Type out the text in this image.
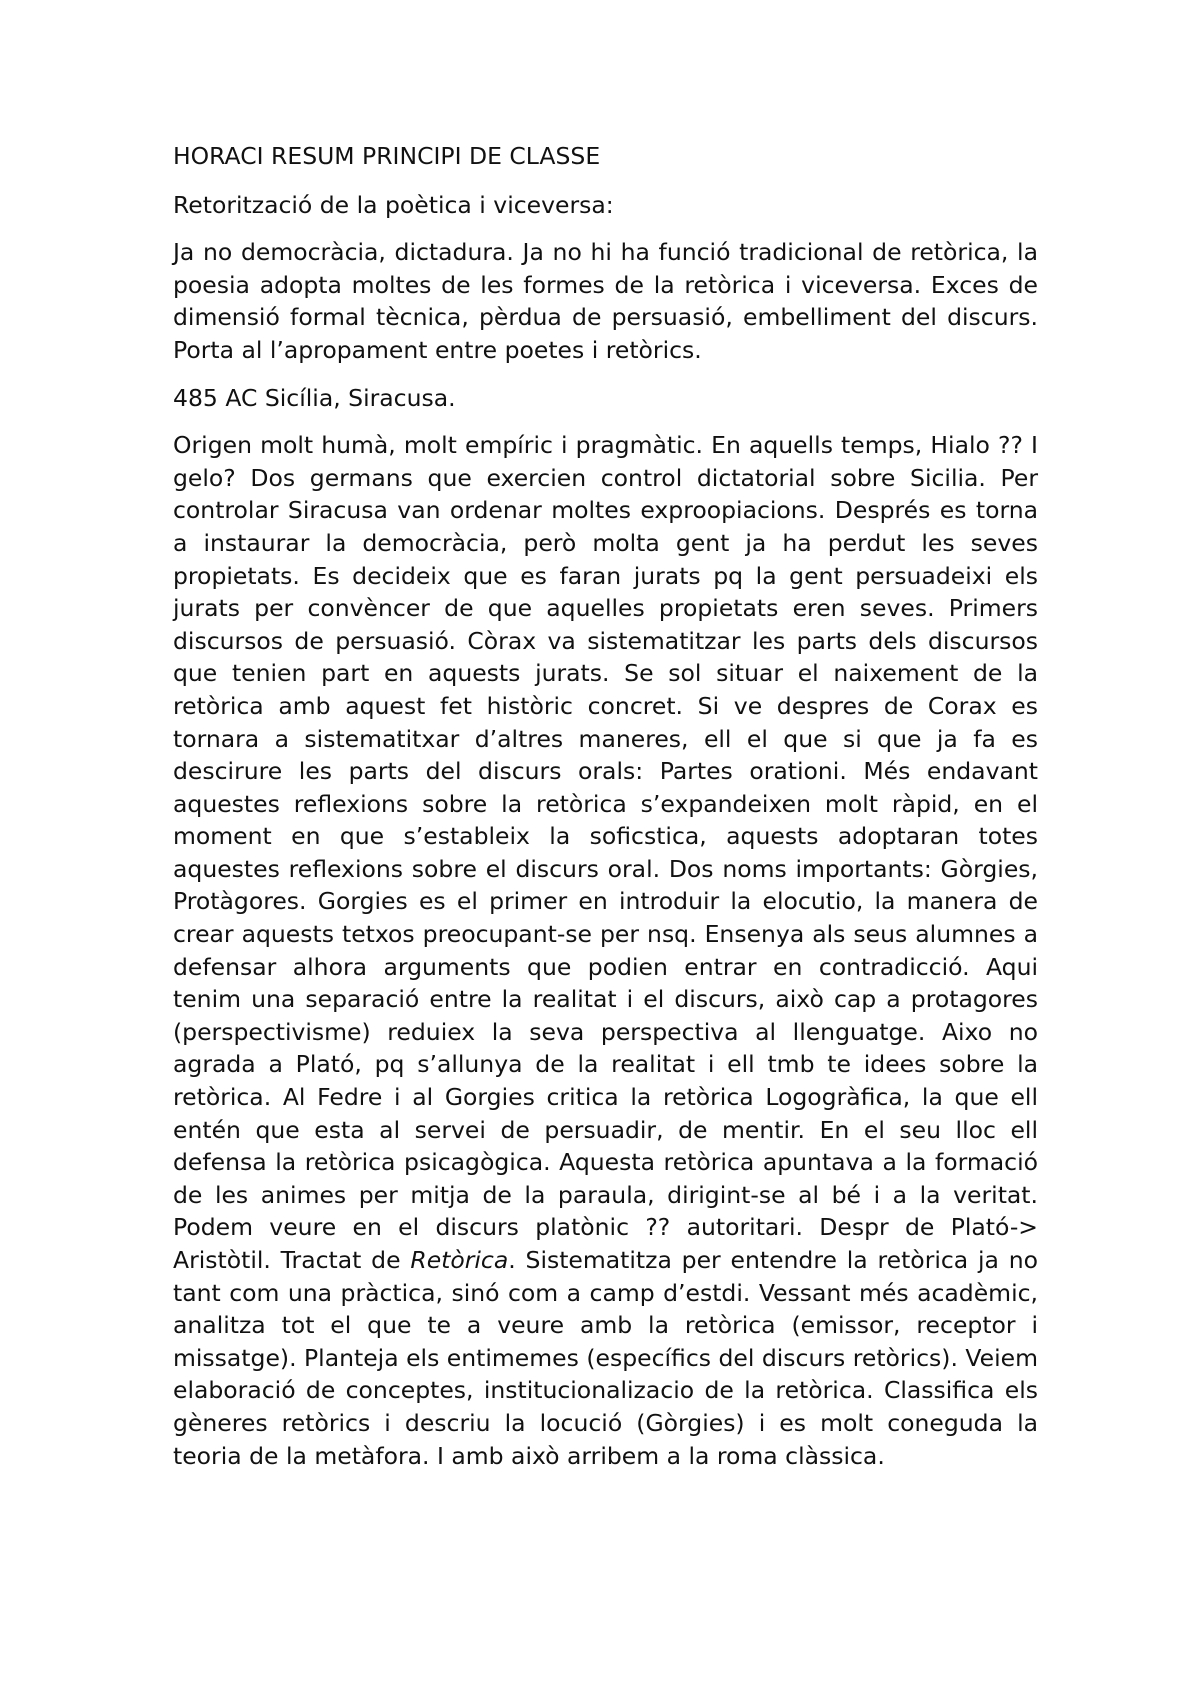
HORACI RESUM PRINCIPI DE CLASSE

Retorització de la poètica i viceversa:

Ja no democràcia, dictadura. Ja no hi ha funció tradicional de retòrica, la poesia adopta moltes de les formes de la retòrica i viceversa. Exces de dimensió formal tècnica, pèrdua de persuasió, embelliment del discurs. Porta al l’apropament entre poetes i retòrics.

485 AC Sicília, Siracusa.

Origen molt humà, molt empíric i pragmàtic. En aquells temps, Hialo ?? I gelo? Dos germans que exercien control dictatorial sobre Sicilia. Per controlar Siracusa van ordenar moltes exproopiacions. Després es torna a instaurar la democràcia, però molta gent ja ha perdut les seves propietats. Es decideix que es faran jurats pq la gent persuadeixi els jurats per convèncer de que aquelles propietats eren seves. Primers discursos de persuasió. Còrax va sistematitzar les parts dels discursos que tenien part en aquests jurats. Se sol situar el naixement de la retòrica amb aquest fet històric concret. Si ve despres de Corax es tornara a sistematitxar d’altres maneres, ell el que si que ja fa es descirure les parts del discurs orals: Partes orationi. Més endavant aquestes reflexions sobre la retòrica s’expandeixen molt ràpid, en el moment en que s’estableix la soficstica, aquests adoptaran totes aquestes reflexions sobre el discurs oral. Dos noms importants: Gòrgies, Protàgores. Gorgies es el primer en introduir la elocutio, la manera de crear aquests tetxos preocupant-se per nsq. Ensenya als seus alumnes a defensar alhora arguments que podien entrar en contradicció. Aqui tenim una separació entre la realitat i el discurs, això cap a protagores (perspectivisme) reduiex la seva perspectiva al llenguatge. Aixo no agrada a Plató, pq s’allunya de la realitat i ell tmb te idees sobre la retòrica. Al Fedre i al Gorgies critica la retòrica Logogràfica, la que ell entén que esta al servei de persuadir, de mentir. En el seu lloc ell defensa la retòrica psicagògica. Aquesta retòrica apuntava a la formació de les animes per mitja de la paraula, dirigint-se al bé i a la veritat. Podem veure en el discurs platònic ?? autoritari. Despr de Plató-> Aristòtil. Tractat de Retòrica. Sistematitza per entendre la retòrica ja no tant com una pràctica, sinó com a camp d’estdi. Vessant més acadèmic, analitza tot el que te a veure amb la retòrica (emissor, receptor i missatge). Planteja els entimemes (específics del discurs retòrics). Veiem elaboració de conceptes, institucionalizacio de la retòrica. Classifica els gèneres retòrics i descriu la locució (Gòrgies) i es molt coneguda la teoria de la metàfora. I amb això arribem a la roma clàssica.
